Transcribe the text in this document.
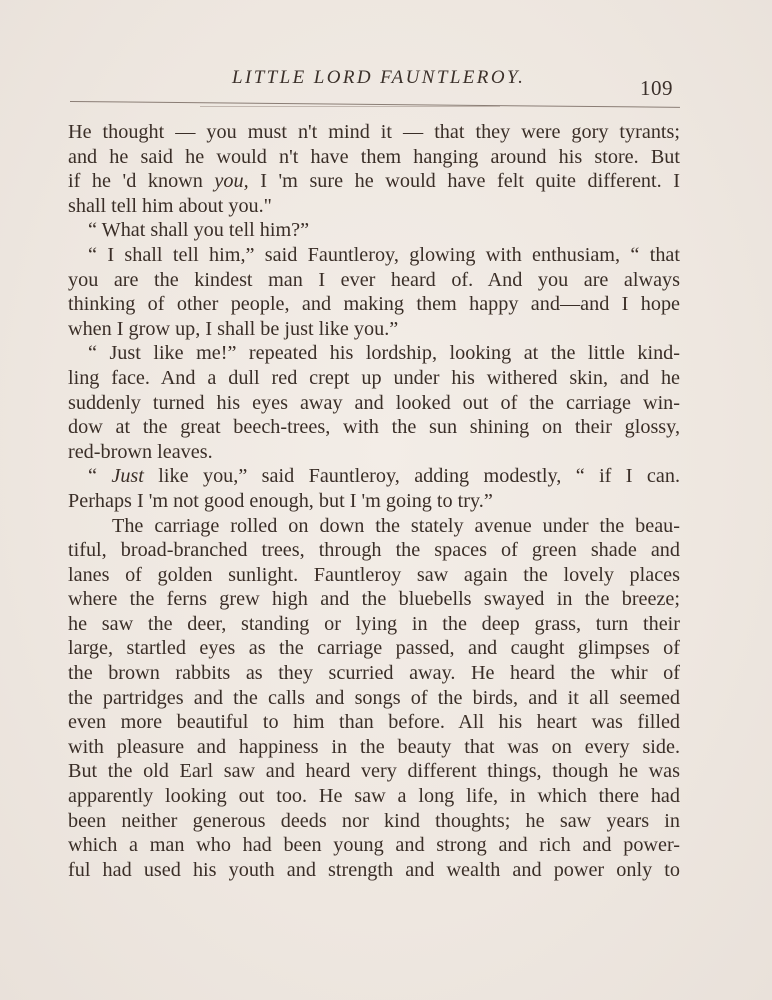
LITTLE LORD FAUNTLEROY.	109
He thought — you must n't mind it — that they were gory tyrants;
and he said he would n't have them hanging around his store. But
if he 'd known you, I 'm sure he would have felt quite different. I
shall tell him about you."
“ What shall you tell him?”
“ I shall tell him,” said Fauntleroy, glowing with enthusiam, “ that
you are the kindest man I ever heard of. And you are always
thinking of other people, and making them happy and—and I hope
when I grow up, I shall be just like you.”
“ Just like me!” repeated his lordship, looking at the little kind-
ling face. And a dull red crept up under his withered skin, and he
suddenly turned his eyes away and looked out of the carriage win-
dow at the great beech-trees, with the sun shining on their glossy,
red-brown leaves.
“ Just like you,” said Fauntleroy, adding modestly, “ if I can.
Perhaps I 'm not good enough, but I 'm going to try.”
The carriage rolled on down the stately avenue under the beau-
tiful, broad-branched trees, through the spaces of green shade and
lanes of golden sunlight. Fauntleroy saw again the lovely places
where the ferns grew high and the bluebells swayed in the breeze;
he saw the deer, standing or lying in the deep grass, turn their
large, startled eyes as the carriage passed, and caught glimpses of
the brown rabbits as they scurried away. He heard the whir of
the partridges and the calls and songs of the birds, and it all seemed
even more beautiful to him than before. All his heart was filled
with pleasure and happiness in the beauty that was on every side.
But the old Earl saw and heard very different things, though he was
apparently looking out too. He saw a long life, in which there had
been neither generous deeds nor kind thoughts; he saw years in
which a man who had been young and strong and rich and power-
ful had used his youth and strength and wealth and power only to
